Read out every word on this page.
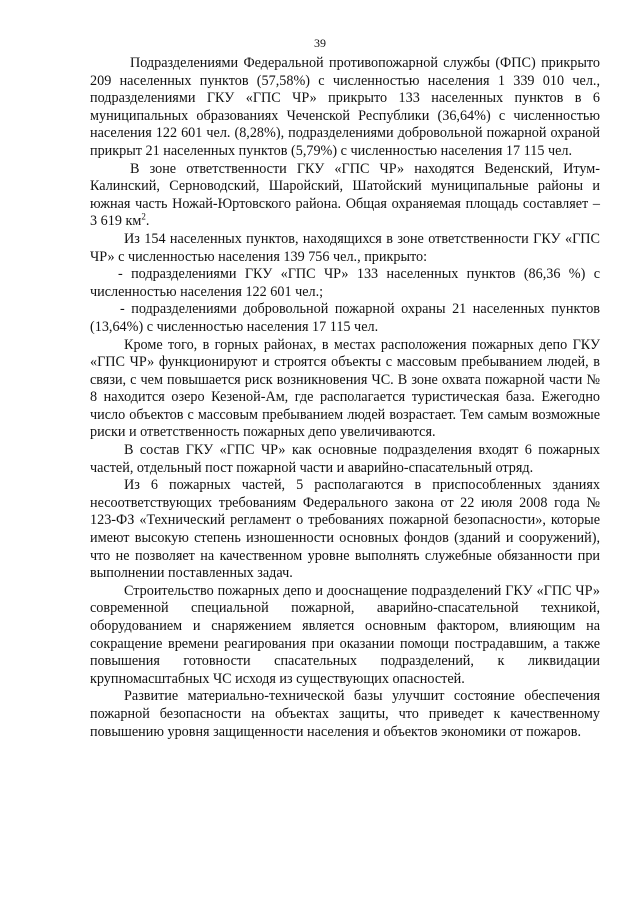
39

Подразделениями Федеральной противопожарной службы (ФПС) прикрыто 209 населенных пунктов (57,58%) с численностью населения 1 339 010 чел., подразделениями ГКУ «ГПС ЧР» прикрыто 133 населенных пунктов в 6 муниципальных образованиях Чеченской Республики (36,64%) с численностью населения 122 601 чел. (8,28%), подразделениями добровольной пожарной охраной прикрыт 21 населенных пунктов (5,79%) с численностью населения 17 115 чел.

В зоне ответственности ГКУ «ГПС ЧР» находятся Веденский, Итум-Калинский, Серноводский, Шаройский, Шатойский муниципальные районы и южная часть Ножай-Юртовского района. Общая охраняемая площадь составляет – 3 619 $км^2$.

Из 154 населенных пунктов, находящихся в зоне ответственности ГКУ «ГПС ЧР» с численностью населения 139 756 чел., прикрыто:

- подразделениями ГКУ «ГПС ЧР» 133 населенных пунктов (86,36 %) с численностью населения 122 601 чел.;

- подразделениями добровольной пожарной охраны 21 населенных пунктов (13,64%) с численностью населения 17 115 чел.

Кроме того, в горных районах, в местах расположения пожарных депо ГКУ «ГПС ЧР» функционируют и строятся объекты с массовым пребыванием людей, в связи, с чем повышается риск возникновения ЧС. В зоне охвата пожарной части № 8 находится озеро Кезеной-Ам, где располагается туристическая база. Ежегодно число объектов с массовым пребыванием людей возрастает. Тем самым возможные риски и ответственность пожарных депо увеличиваются.

В состав ГКУ «ГПС ЧР» как основные подразделения входят 6 пожарных частей, отдельный пост пожарной части и аварийно-спасательный отряд.

Из 6 пожарных частей, 5 располагаются в приспособленных зданиях несоответствующих требованиям Федерального закона от 22 июля 2008 года № 123-ФЗ «Технический регламент о требованиях пожарной безопасности», которые имеют высокую степень изношенности основных фондов (зданий и сооружений), что не позволяет на качественном уровне выполнять служебные обязанности при выполнении поставленных задач.

Строительство пожарных депо и дооснащение подразделений ГКУ «ГПС ЧР» современной специальной пожарной, аварийно-спасательной техникой, оборудованием и снаряжением является основным фактором, влияющим на сокращение времени реагирования при оказании помощи пострадавшим, а также повышения готовности спасательных подразделений, к ликвидации крупномасштабных ЧС исходя из существующих опасностей.

Развитие материально-технической базы улучшит состояние обеспечения пожарной безопасности на объектах защиты, что приведет к качественному повышению уровня защищенности населения и объектов экономики от пожаров.
